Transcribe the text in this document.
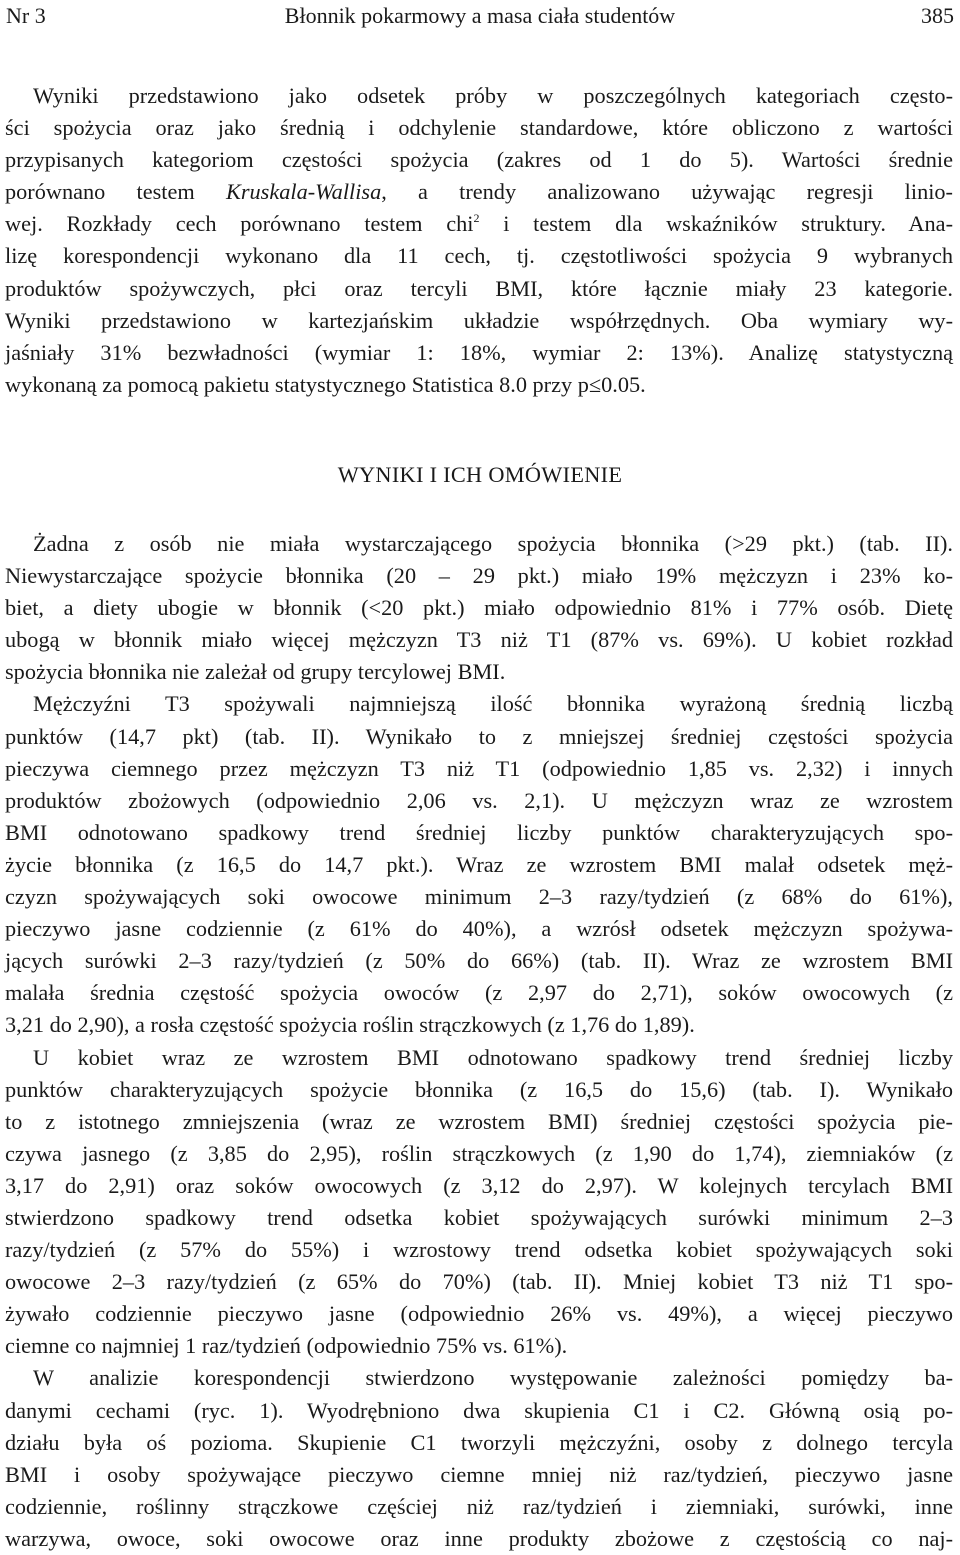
Nr 3	Błonnik pokarmowy a masa ciała studentów	385
Wyniki przedstawiono jako odsetek próby w poszczególnych kategoriach często-
ści spożycia oraz jako średnią i odchylenie standardowe, które obliczono z wartości
przypisanych kategoriom częstości spożycia (zakres od 1 do 5). Wartości średnie
porównano testem Kruskala-Wallisa, a trendy analizowano używając regresji linio-
wej. Rozkłady cech porównano testem chi$^2$ i testem dla wskaźników struktury. Ana-
lizę korespondencji wykonano dla 11 cech, tj. częstotliwości spożycia 9 wybranych
produktów spożywczych, płci oraz tercyli BMI, które łącznie miały 23 kategorie.
Wyniki przedstawiono w kartezjańskim układzie współrzędnych. Oba wymiary wy-
jaśniały 31% bezwładności (wymiar 1: 18%, wymiar 2: 13%). Analizę statystyczną
wykonaną za pomocą pakietu statystycznego Statistica 8.0 przy p≤0.05.
WYNIKI I ICH OMÓWIENIE
Żadna z osób nie miała wystarczającego spożycia błonnika (>29 pkt.) (tab. II).
Niewystarczające spożycie błonnika (20 – 29 pkt.) miało 19% mężczyzn i 23% ko-
biet, a diety ubogie w błonnik (<20 pkt.) miało odpowiednio 81% i 77% osób. Dietę
ubogą w błonnik miało więcej mężczyzn T3 niż T1 (87% vs. 69%). U kobiet rozkład
spożycia błonnika nie zależał od grupy tercylowej BMI.
Mężczyźni T3 spożywali najmniejszą ilość błonnika wyrażoną średnią liczbą
punktów (14,7 pkt) (tab. II). Wynikało to z mniejszej średniej częstości spożycia
pieczywa ciemnego przez mężczyzn T3 niż T1 (odpowiednio 1,85 vs. 2,32) i innych
produktów zbożowych (odpowiednio 2,06 vs. 2,1). U mężczyzn wraz ze wzrostem
BMI odnotowano spadkowy trend średniej liczby punktów charakteryzujących spo-
życie błonnika (z 16,5 do 14,7 pkt.). Wraz ze wzrostem BMI malał odsetek męż-
czyzn spożywających soki owocowe minimum 2–3 razy/tydzień (z 68% do 61%),
pieczywo jasne codziennie (z 61% do 40%), a wzrósł odsetek mężczyzn spożywa-
jących surówki 2–3 razy/tydzień (z 50% do 66%) (tab. II). Wraz ze wzrostem BMI
malała średnia częstość spożycia owoców (z 2,97 do 2,71), soków owocowych (z
3,21 do 2,90), a rosła częstość spożycia roślin strączkowych (z 1,76 do 1,89).
U kobiet wraz ze wzrostem BMI odnotowano spadkowy trend średniej liczby
punktów charakteryzujących spożycie błonnika (z 16,5 do 15,6) (tab. I). Wynikało
to z istotnego zmniejszenia (wraz ze wzrostem BMI) średniej częstości spożycia pie-
czywa jasnego (z 3,85 do 2,95), roślin strączkowych (z 1,90 do 1,74), ziemniaków (z
3,17 do 2,91) oraz soków owocowych (z 3,12 do 2,97). W kolejnych tercylach BMI
stwierdzono spadkowy trend odsetka kobiet spożywających surówki minimum 2–3
razy/tydzień (z 57% do 55%) i wzrostowy trend odsetka kobiet spożywających soki
owocowe 2–3 razy/tydzień (z 65% do 70%) (tab. II). Mniej kobiet T3 niż T1 spo-
żywało codziennie pieczywo jasne (odpowiednio 26% vs. 49%), a więcej pieczywo
ciemne co najmniej 1 raz/tydzień (odpowiednio 75% vs. 61%).
W analizie korespondencji stwierdzono występowanie zależności pomiędzy ba-
danymi cechami (ryc. 1). Wyodrębniono dwa skupienia C1 i C2. Główną osią po-
działu była oś pozioma. Skupienie C1 tworzyli mężczyźni, osoby z dolnego tercyla
BMI i osoby spożywające pieczywo ciemne mniej niż raz/tydzień, pieczywo jasne
codziennie, roślinny strączkowe częściej niż raz/tydzień i ziemniaki, surówki, inne
warzywa, owoce, soki owocowe oraz inne produkty zbożowe z częstością co naj-
